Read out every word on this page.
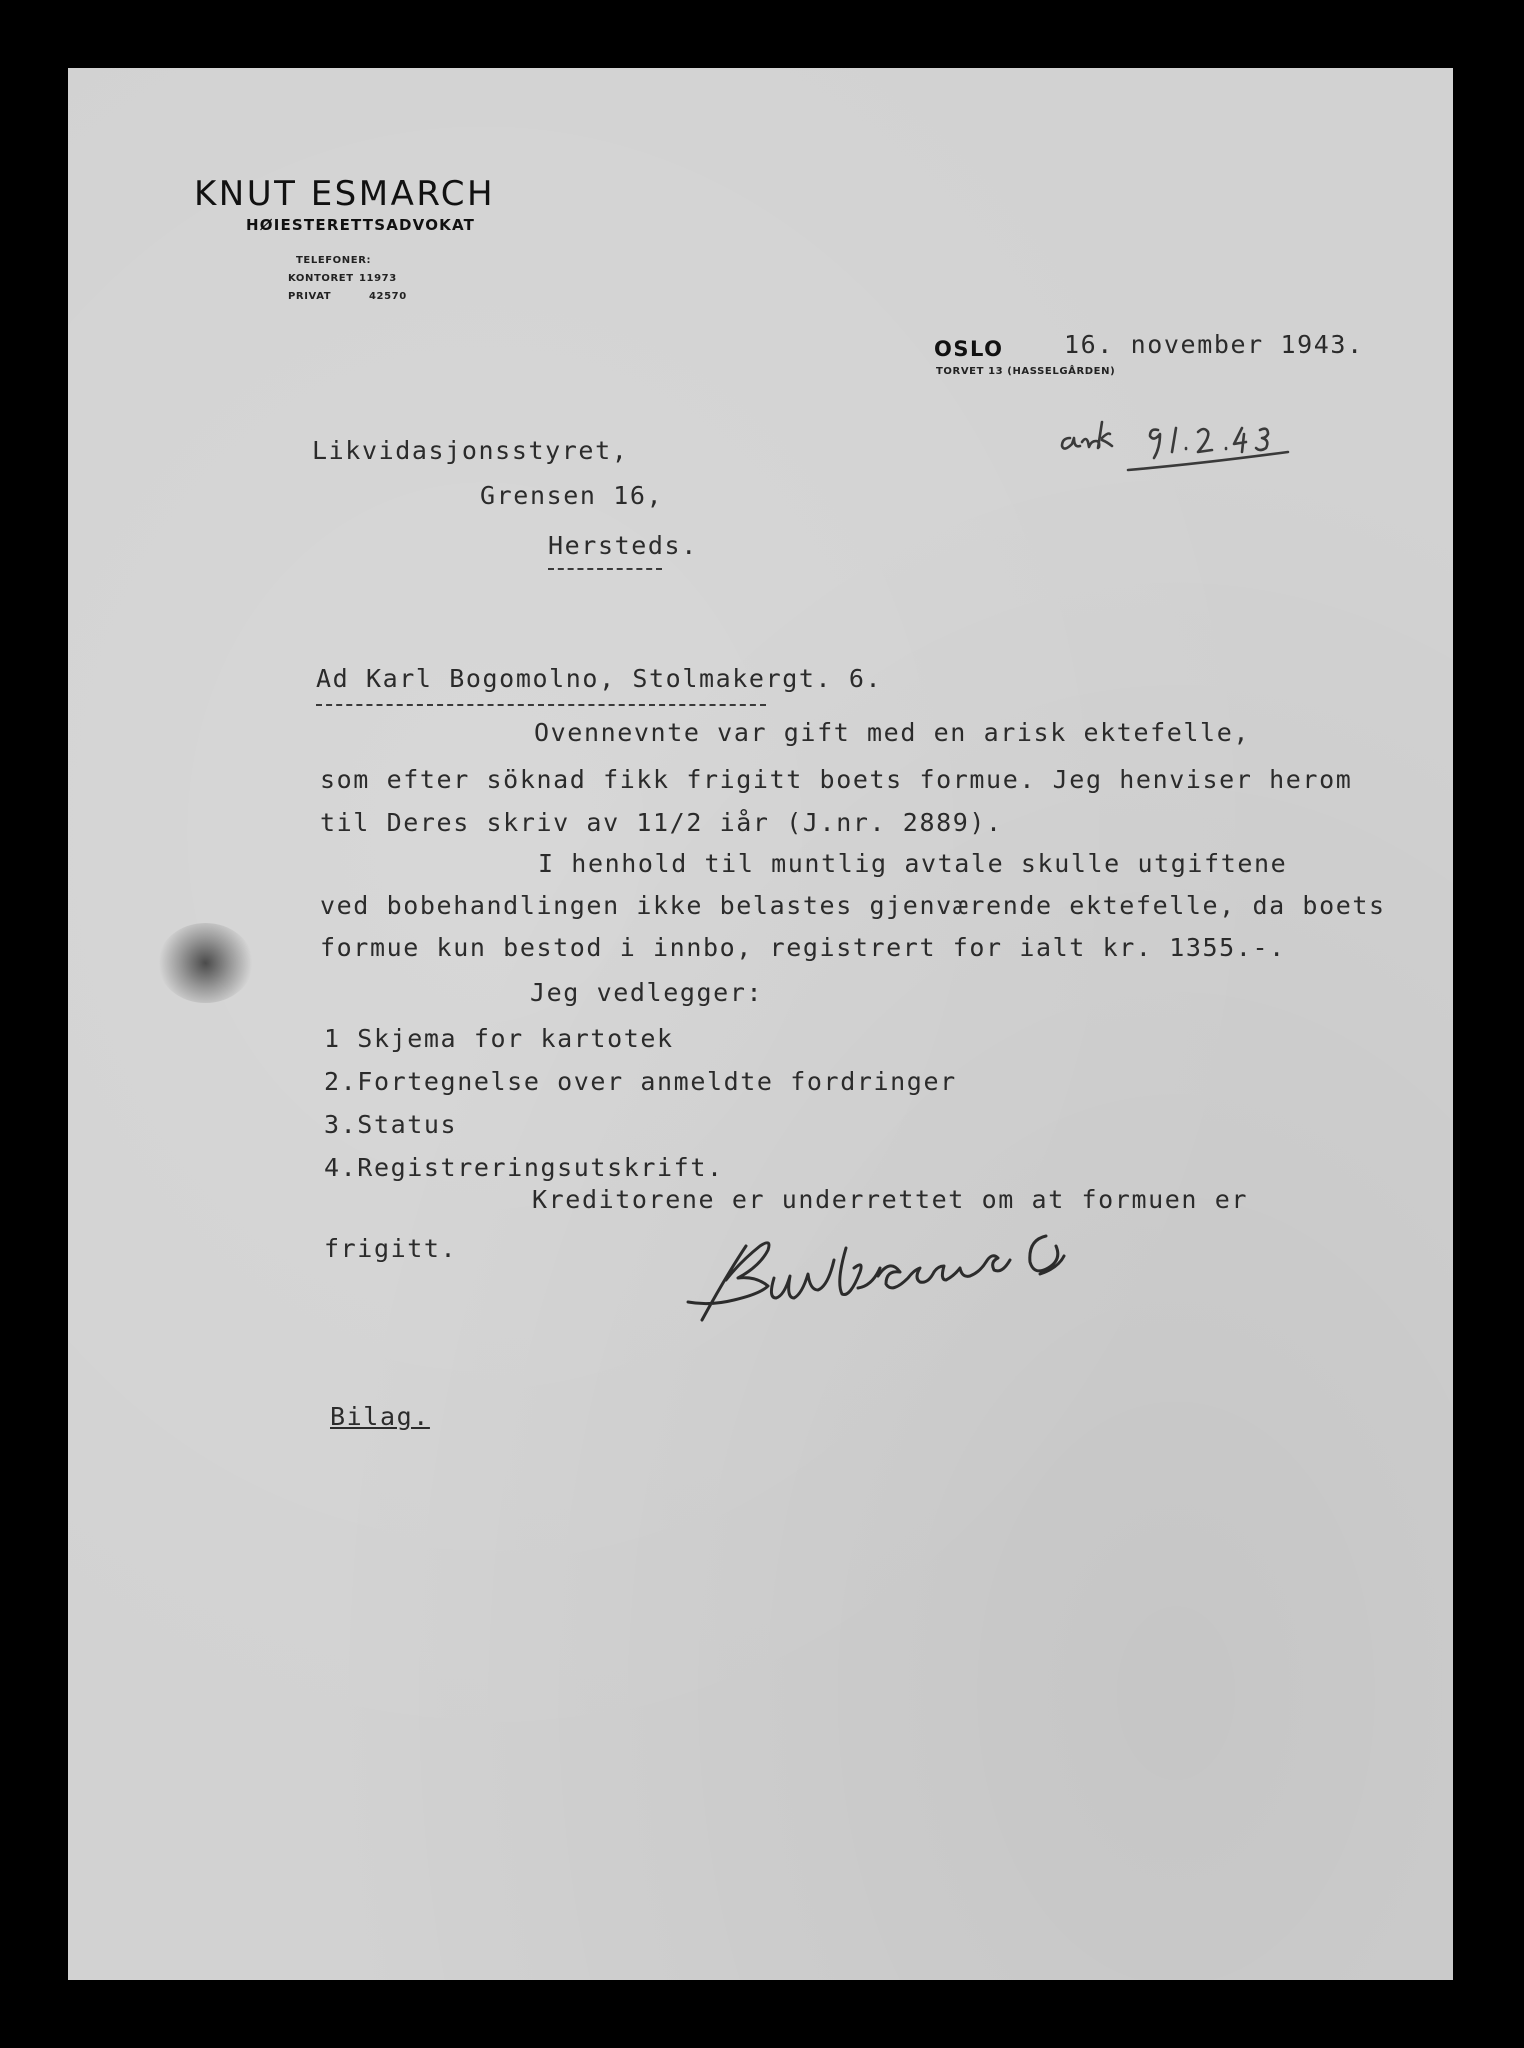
KNUT ESMARCH
HØIESTERETTSADVOKAT
TELEFONER:
KONTORET 11973
PRIVAT	42570
OSLO
TORVET 13 (HASSELGÅRDEN)
16. november 1943.
Likvidasjonsstyret,
Grensen 16,
Hersteds.
Ad Karl Bogomolno, Stolmakergt. 6.
Ovennevnte var gift med en arisk ektefelle,
som efter söknad fikk frigitt boets formue. Jeg henviser herom
til Deres skriv av 11/2 iår (J.nr. 2889).
I henhold til muntlig avtale skulle utgiftene
ved bobehandlingen ikke belastes gjenværende ektefelle, da boets
formue kun bestod i innbo, registrert for ialt kr. 1355.-.
Jeg vedlegger:
1 Skjema for kartotek
2.Fortegnelse over anmeldte fordringer
3.Status
4.Registreringsutskrift.
Kreditorene er underrettet om at formuen er
frigitt.
Bilag.
